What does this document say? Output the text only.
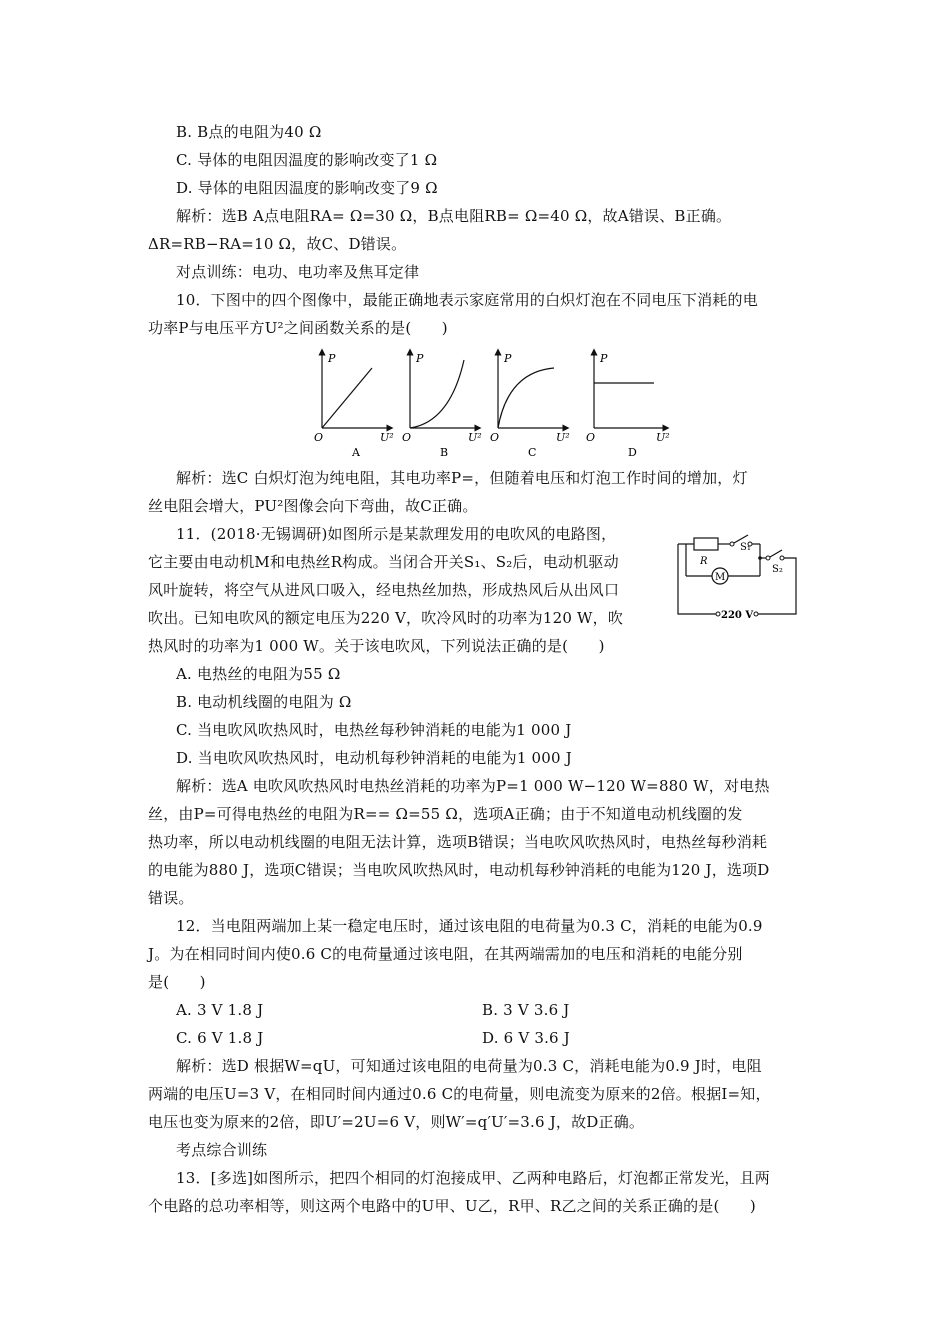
B. B点的电阻为40 Ω
C. 导体的电阻因温度的影响改变了1 Ω
D. 导体的电阻因温度的影响改变了9 Ω
解析：选B A点电阻RA= Ω=30 Ω，B点电阻RB= Ω=40 Ω，故A错误、B正确。
ΔR=RB−RA=10 Ω，故C、D错误。
对点训练：电功、电功率及焦耳定律
10．下图中的四个图像中，最能正确地表示家庭常用的白炽灯泡在不同电压下消耗的电
功率P与电压平方U²之间函数关系的是(　　)
P
O	U²
A
P
O	U²
B
P
O	U²
C
P
O	U²
D
解析：选C 白炽灯泡为纯电阻，其电功率P=，但随着电压和灯泡工作时间的增加，灯
丝电阻会增大，PU²图像会向下弯曲，故C正确。
11．(2018·无锡调研)如图所示是某款理发用的电吹风的电路图，
它主要由电动机M和电热丝R构成。当闭合开关S₁、S₂后，电动机驱动
风叶旋转，将空气从进风口吸入，经电热丝加热，形成热风后从出风口
吹出。已知电吹风的额定电压为220 V，吹冷风时的功率为120 W，吹
热风时的功率为1 000 W。关于该电吹风，下列说法正确的是(　　)
M
R
S₁
S₂
220 V
A. 电热丝的电阻为55 Ω
B. 电动机线圈的电阻为 Ω
C. 当电吹风吹热风时，电热丝每秒钟消耗的电能为1 000 J
D. 当电吹风吹热风时，电动机每秒钟消耗的电能为1 000 J
解析：选A 电吹风吹热风时电热丝消耗的功率为P=1 000 W−120 W=880 W，对电热
丝，由P=可得电热丝的电阻为R== Ω=55 Ω，选项A正确；由于不知道电动机线圈的发
热功率，所以电动机线圈的电阻无法计算，选项B错误；当电吹风吹热风时，电热丝每秒消耗
的电能为880 J，选项C错误；当电吹风吹热风时，电动机每秒钟消耗的电能为120 J，选项D
错误。
12．当电阻两端加上某一稳定电压时，通过该电阻的电荷量为0.3 C，消耗的电能为0.9
J。为在相同时间内使0.6 C的电荷量通过该电阻，在其两端需加的电压和消耗的电能分别
是(　　)
A. 3 V 1.8 J	B. 3 V 3.6 J
C. 6 V 1.8 J	D. 6 V 3.6 J
解析：选D 根据W=qU，可知通过该电阻的电荷量为0.3 C，消耗电能为0.9 J时，电阻
两端的电压U=3 V，在相同时间内通过0.6 C的电荷量，则电流变为原来的2倍。根据I=知，
电压也变为原来的2倍，即U′=2U=6 V，则W′=q′U′=3.6 J，故D正确。
考点综合训练
13．[多选]如图所示，把四个相同的灯泡接成甲、乙两种电路后，灯泡都正常发光，且两
个电路的总功率相等，则这两个电路中的U甲、U乙，R甲、R乙之间的关系正确的是(　　)
